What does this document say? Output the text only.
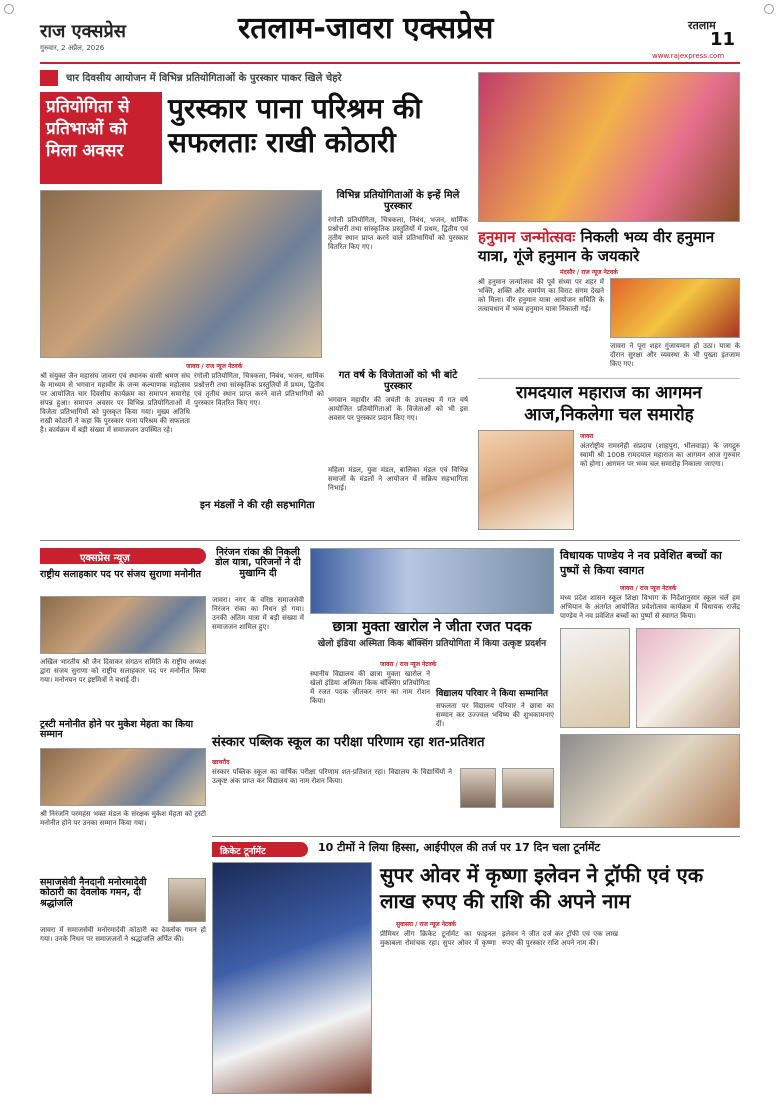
राज एक्सप्रेस
गुरुवार, 2 अप्रैल, 2026
रतलाम-जावरा एक्सप्रेस	रतलाम
11
www.rajexpress.com
चार दिवसीय आयोजन में विभिन्न प्रतियोगिताओं के पुरस्कार पाकर खिले चेहरे
प्रतियोगिता से प्रतिभाओं को मिला अवसर
पुरस्कार पाना परिश्रम की सफलताः राखी कोठारी
जावरा / राज न्यूज नेटवर्क
श्री संयुक्त जैन महासंघ जावरा एवं स्थानक वासी श्रमण संघ के माध्यम से भगवान महावीर के जन्म कल्याणक महोत्सव पर आयोजित चार दिवसीय कार्यक्रम का समापन समारोह संपन्न हुआ। समापन अवसर पर विभिन्न प्रतियोगिताओं में विजेता प्रतिभागियों को पुरस्कृत किया गया। मुख्य अतिथि राखी कोठारी ने कहा कि पुरस्कार पाना परिश्रम की सफलता है। कार्यक्रम में बड़ी संख्या में समाजजन उपस्थित रहे।
रंगोली प्रतियोगिता, चित्रकला, निबंध, भजन, धार्मिक प्रश्नोत्तरी तथा सांस्कृतिक प्रस्तुतियों में प्रथम, द्वितीय एवं तृतीय स्थान प्राप्त करने वाले प्रतिभागियों को पुरस्कार वितरित किए गए।
विभिन्न प्रतियोगिताओं के इन्हें मिले पुरस्कार
रंगोली प्रतियोगिता, चित्रकला, निबंध, भजन, धार्मिक प्रश्नोत्तरी तथा सांस्कृतिक प्रस्तुतियों में प्रथम, द्वितीय एवं तृतीय स्थान प्राप्त करने वाले प्रतिभागियों को पुरस्कार वितरित किए गए।
गत वर्ष के विजेताओं को भी बांटे पुरस्कार
भगवान महावीर की जयंती के उपलक्ष्य में गत वर्ष आयोजित प्रतियोगिताओं के विजेताओं को भी इस अवसर पर पुरस्कार प्रदान किए गए।
इन मंडलों ने की रही सहभागिता
महिला मंडल, युवा मंडल, बालिका मंडल एवं विभिन्न समाजों के मंडलों ने आयोजन में सक्रिय सहभागिता निभाई।
हनुमान जन्मोत्सवः निकली भव्य वीर हनुमान यात्रा, गूंजे हनुमान के जयकारे
मंदसौर / राज न्यूज नेटवर्क
श्री हनुमान जन्मोत्सव की पूर्व संध्या पर शहर में भक्ति, शक्ति और समर्पण का विराट संगम देखने को मिला। वीर हनुमान यात्रा आयोजन समिति के तत्वावधान में भव्य हनुमान यात्रा निकाली गई।
जावरा ने पूरा शहर गुंजायमान हो उठा। यात्रा के दौरान सुरक्षा और व्यवस्था के भी पुख्ता इंतजाम किए गए।
रामदयाल महाराज का आगमन आज,निकलेगा चल समारोह
जावरा
अंतर्राष्ट्रीय रामस्नेही संप्रदाय (शाहपुरा, भीलवाड़ा) के जगद्गुरु स्वामी श्री 1008 रामदयाल महाराज का आगमन आज गुरुवार को होगा। आगमन पर भव्य चल समारोह निकाला जाएगा।
एक्सप्रेस न्यूज़
राष्ट्रीय सलाहकार पद पर संजय सुराणा मनोनीत
अखिल भारतीय श्री जैन दिवाकर संगठन समिति के राष्ट्रीय अध्यक्ष द्वारा संजय सुराणा को राष्ट्रीय सलाहकार पद पर मनोनीत किया गया। मनोनयन पर इष्टमित्रों ने बधाई दी।
ट्रस्टी मनोनीत होने पर मुकेश मेहता का किया सम्मान
श्री निरंजनि परमहंस भक्त मंडल के संरक्षक मुकेश मेहता को ट्रस्टी मनोनीत होने पर उनका सम्मान किया गया।
समाजसेवी नैनदानी मनोरमादेवी कोठारी का देवलोक गमन, दी श्रद्धांजलि
जावरा में समाजसेवी मनोरमादेवी कोठारी का देवलोक गमन हो गया। उनके निधन पर समाजजनों ने श्रद्धांजलि अर्पित की।
निरंजन रांका की निकली डोल यात्रा, परिजनों ने दी मुखाग्नि दी
जावरा। नगर के वरिष्ठ समाजसेवी निरंजन रांका का निधन हो गया। उनकी अंतिम यात्रा में बड़ी संख्या में समाजजन शामिल हुए।	छात्रा मुक्ता खारोल ने जीता रजत पदक
खेलो इंडिया अस्मिता किक बॉक्सिंग प्रतियोगिता में किया उत्कृष्ट प्रदर्शन
जावरा / राज न्यूज नेटवर्क
स्थानीय विद्यालय की छात्रा मुक्ता खारोल ने खेलो इंडिया अस्मिता किक बॉक्सिंग प्रतियोगिता में रजत पदक जीतकर नगर का नाम रोशन किया।
विद्यालय परिवार ने किया सम्मानित
सफलता पर विद्यालय परिवार ने छात्रा का सम्मान कर उज्ज्वल भविष्य की शुभकामनाएं दीं।
विधायक पाण्डेय ने नव प्रवेशित बच्चों का पुष्पों से किया स्वागत
जावरा / राज न्यूज नेटवर्क
मध्य प्रदेश शासन स्कूल शिक्षा विभाग के निर्देशानुसार स्कूल चलें हम अभियान के अंतर्गत आयोजित प्रवेशोत्सव कार्यक्रम में विधायक राजेंद्र पाण्डेय ने नव प्रवेशित बच्चों का पुष्पों से स्वागत किया।
संस्कार पब्लिक स्कूल का परीक्षा परिणाम रहा शत-प्रतिशत
खाचरौद
संस्कार पब्लिक स्कूल का वार्षिक परीक्षा परिणाम शत-प्रतिशत रहा। विद्यालय के विद्यार्थियों ने उत्कृष्ट अंक प्राप्त कर विद्यालय का नाम रोशन किया।
क्रिकेट टूर्नामेंट	10 टीमों ने लिया हिस्सा, आईपीएल की तर्ज पर 17 दिन चला टूर्नामेंट
सुपर ओवर में कृष्णा इलेवन ने ट्रॉफी एवं एक लाख रुपए की राशि की अपने नाम
सुवासरा / राज न्यूज नेटवर्क
प्रीमियर लीग क्रिकेट टूर्नामेंट का फाइनल मुकाबला रोमांचक रहा। सुपर ओवर में कृष्णा इलेवन ने जीत दर्ज कर ट्रॉफी एवं एक लाख रुपए की पुरस्कार राशि अपने नाम की।
